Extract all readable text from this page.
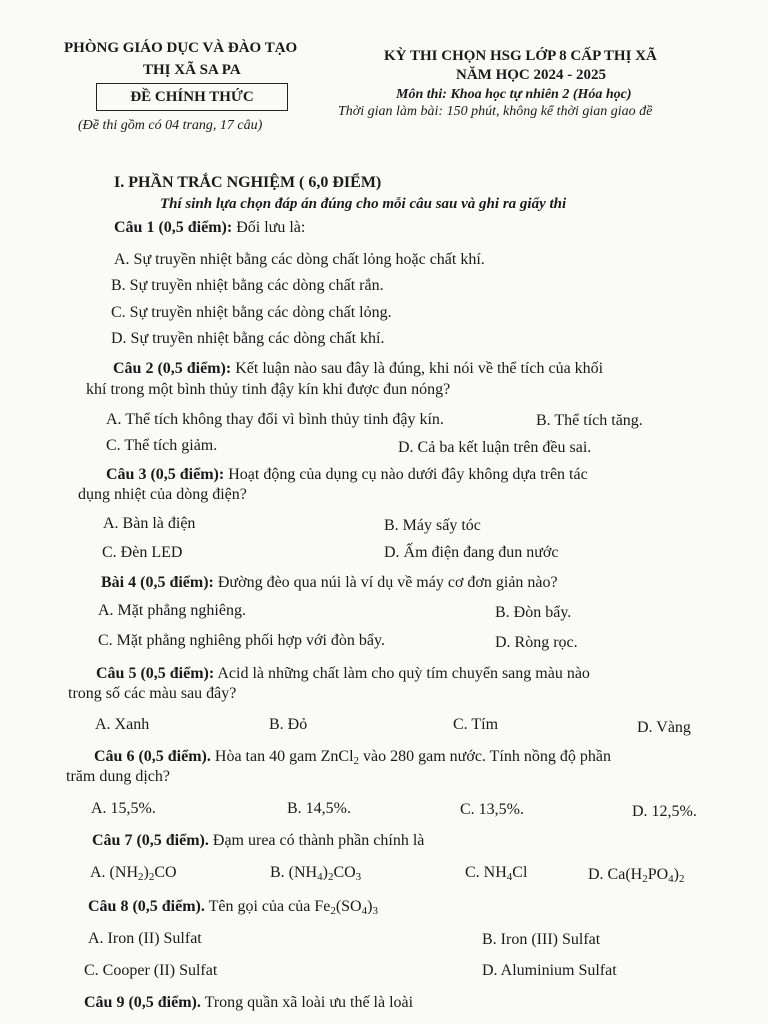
PHÒNG GIÁO DỤC VÀ ĐÀO TẠO
THỊ XÃ SA PA
ĐỀ CHÍNH THỨC
(Đề thi gồm có 04 trang, 17 câu)
KỲ THI CHỌN HSG LỚP 8 CẤP THỊ XÃ
NĂM HỌC 2024 - 2025
Môn thi: Khoa học tự nhiên 2 (Hóa học)
Thời gian làm bài: 150 phút, không kể thời gian giao đề
I. PHẦN TRẮC NGHIỆM ( 6,0 ĐIỂM)
Thí sinh lựa chọn đáp án đúng cho mỗi câu sau và ghi ra giấy thi
Câu 1 (0,5 điểm): Đối lưu là:
A. Sự truyền nhiệt bằng các dòng chất lỏng hoặc chất khí.
B. Sự truyền nhiệt bằng các dòng chất rắn.
C. Sự truyền nhiệt bằng các dòng chất lỏng.
D. Sự truyền nhiệt bằng các dòng chất khí.
Câu 2 (0,5 điểm): Kết luận nào sau đây là đúng, khi nói về thể tích của khối
khí trong một bình thủy tinh đậy kín khi được đun nóng?
A. Thể tích không thay đổi vì bình thủy tinh đậy kín.	B. Thể tích tăng.
C. Thể tích giảm.	D. Cả ba kết luận trên đều sai.
Câu 3 (0,5 điểm): Hoạt động của dụng cụ nào dưới đây không dựa trên tác
dụng nhiệt của dòng điện?
A. Bàn là điện	B. Máy sấy tóc
C. Đèn LED	D. Ấm điện đang đun nước
Bài 4 (0,5 điểm): Đường đèo qua núi là ví dụ về máy cơ đơn giản nào?
A. Mặt phẳng nghiêng.	B. Đòn bẩy.
C. Mặt phẳng nghiêng phối hợp với đòn bẩy.	D. Ròng rọc.
Câu 5 (0,5 điểm): Acid là những chất làm cho quỳ tím chuyển sang màu nào
trong số các màu sau đây?
A. Xanh	B. Đỏ	C. Tím	D. Vàng
Câu 6 (0,5 điểm). Hòa tan 40 gam ZnCl$_2$ vào 280 gam nước. Tính nồng độ phần
trăm dung dịch?
A. 15,5%.	B. 14,5%.	C. 13,5%.	D. 12,5%.
Câu 7 (0,5 điểm). Đạm urea có thành phần chính là
A. $(NH_2)_2CO$	B. $(NH_4)_2CO_3$	C. $NH_4Cl$	D. $Ca(H_2PO_4)_2$
Câu 8 (0,5 điểm). Tên gọi của của $Fe_2(SO_4)_3$
A. Iron (II) Sulfat	B. Iron (III) Sulfat
C. Cooper (II) Sulfat	D. Aluminium Sulfat
Câu 9 (0,5 điểm). Trong quần xã loài ưu thế là loài
